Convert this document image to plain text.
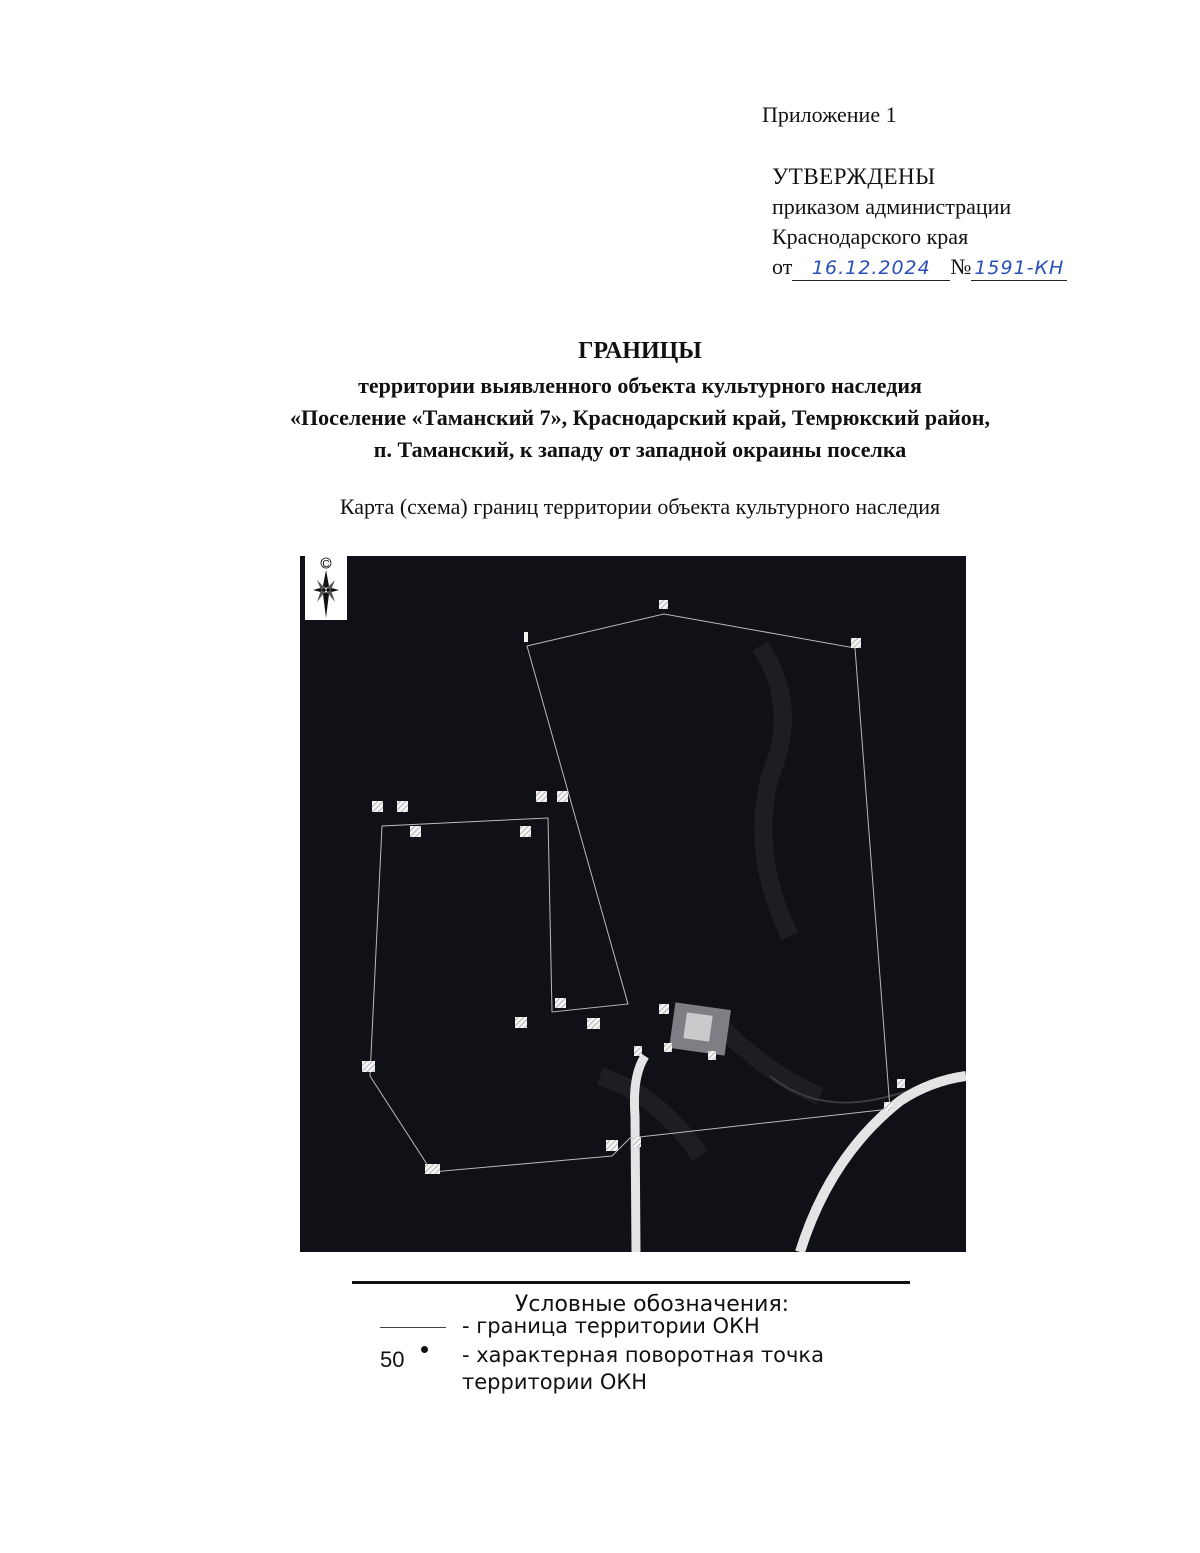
Приложение 1
УТВЕРЖДЕНЫ
приказом администрации
Краснодарского края
от 16.12.2024 № 1591-КН
ГРАНИЦЫ
территории выявленного объекта культурного наследия
«Поселение «Таманский 7», Краснодарский край, Темрюкский район,
п. Таманский, к западу от западной окраины поселка
Карта (схема) границ территории объекта культурного наследия
C
Условные обозначения:
- граница территории ОКН
50	- характерная поворотная точка
территории ОКН
